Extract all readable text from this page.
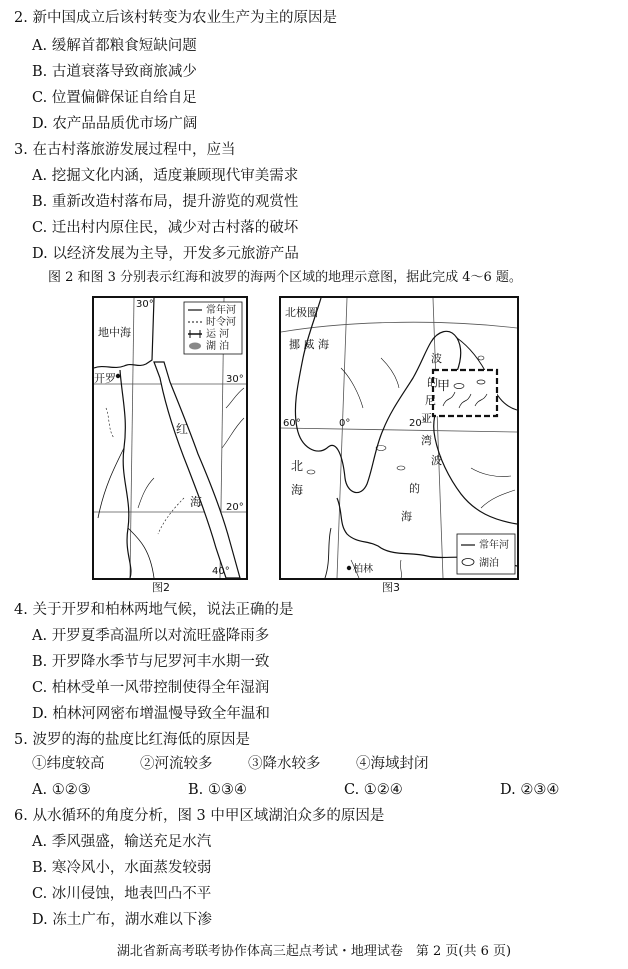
2. 新中国成立后该村转变为农业生产为主的原因是
A. 缓解首都粮食短缺问题
B. 古道衰落导致商旅减少
C. 位置偏僻保证自给自足
D. 农产品品质优市场广阔
3. 在古村落旅游发展过程中，应当
A. 挖掘文化内涵，适度兼顾现代审美需求
B. 重新改造村落布局，提升游览的观赏性
C. 迁出村内原住民，减少对古村落的破坏
D. 以经济发展为主导，开发多元旅游产品
图 2 和图 3 分别表示红海和波罗的海两个区域的地理示意图，据此完成 4～6 题。
常年河
时令河
运 河
湖 泊
30°
地中海
开罗	30°
红
海 20°
40°
图2
常年河
湖泊
北极圈
挪 威 海
60°	0°	20°
北
海
波
的
尼
亚
湾
甲
波
的
海
柏林
图3
4. 关于开罗和柏林两地气候，说法正确的是
A. 开罗夏季高温所以对流旺盛降雨多
B. 开罗降水季节与尼罗河丰水期一致
C. 柏林受单一风带控制使得全年湿润
D. 柏林河网密布增温慢导致全年温和
5. 波罗的海的盐度比红海低的原因是
①纬度较高 ②河流较多 ③降水较多 ④海域封闭
A. ①②③	B. ①③④	C. ①②④	D. ②③④
6. 从水循环的角度分析，图 3 中甲区域湖泊众多的原因是
A. 季风强盛，输送充足水汽
B. 寒冷风小，水面蒸发较弱
C. 冰川侵蚀，地表凹凸不平
D. 冻土广布，湖水难以下渗
湖北省新高考联考协作体高三起点考试・地理试卷　第 2 页(共 6 页)
